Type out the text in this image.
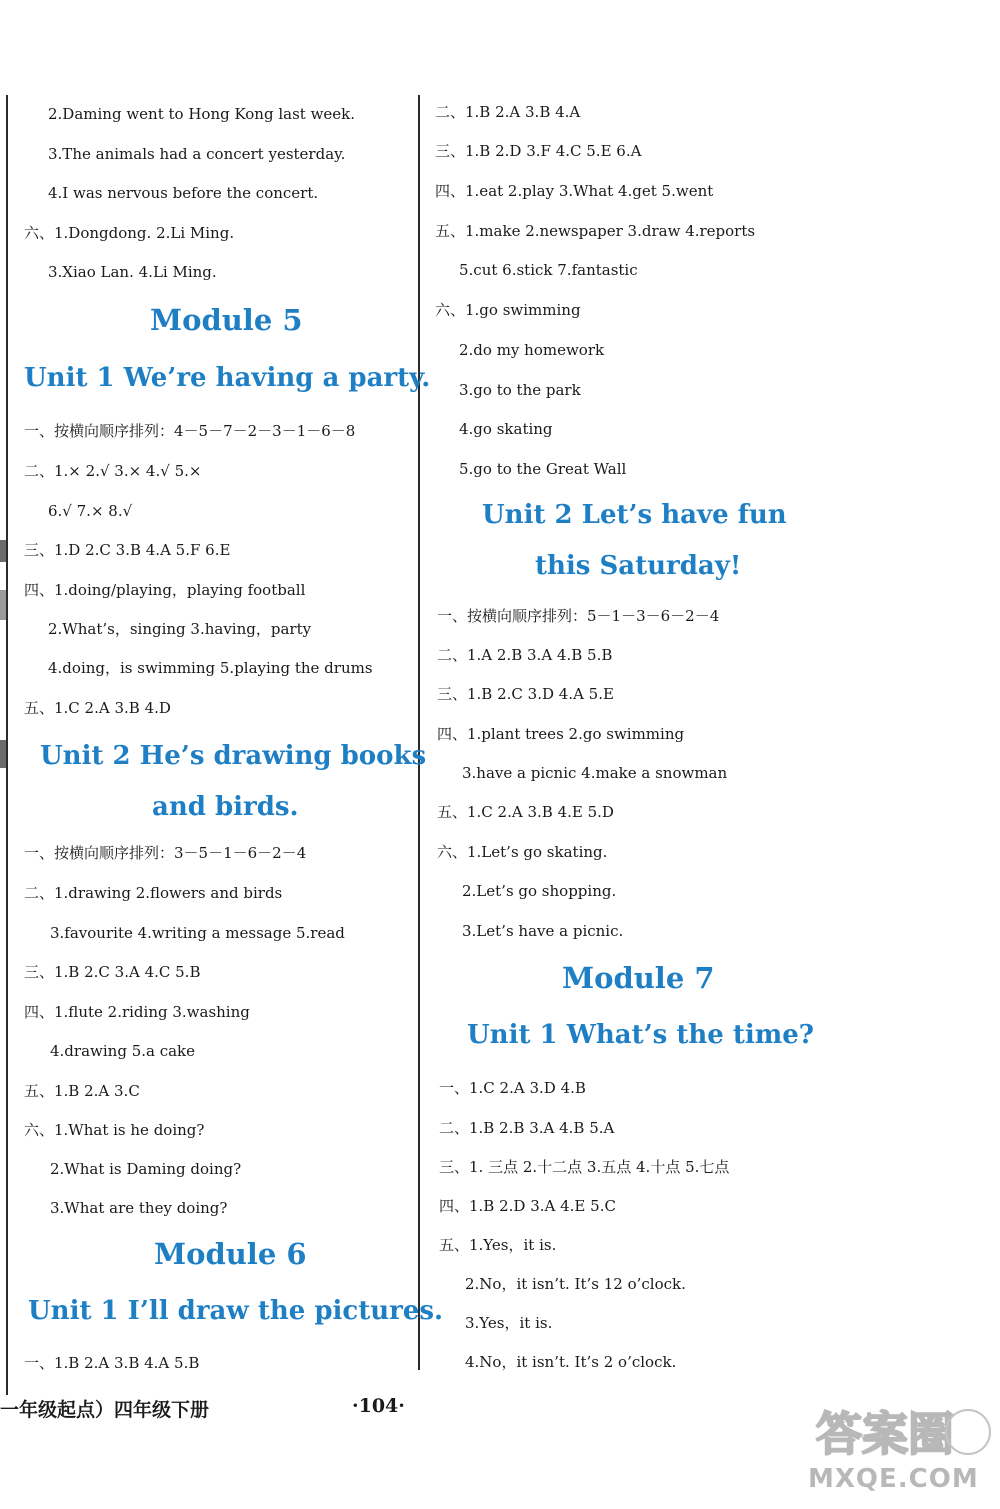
2.Daming went to Hong Kong last week.
3.The animals had a concert yesterday.
4.I was nervous before the concert.
六、1.Dongdong. 2.Li Ming.
3.Xiao Lan. 4.Li Ming.
Module 5
Unit 1 We’re having a party.
一、按横向顺序排列：4－5－7－2－3－1－6－8
二、1.× 2.√ 3.× 4.√ 5.×
6.√ 7.× 8.√
三、1.D 2.C 3.B 4.A 5.F 6.E
四、1.doing/playing，playing football
2.What’s，singing 3.having，party
4.doing，is swimming 5.playing the drums
五、1.C 2.A 3.B 4.D
Unit 2 He’s drawing books
and birds.
一、按横向顺序排列：3－5－1－6－2－4
二、1.drawing 2.flowers and birds
3.favourite 4.writing a message 5.read
三、1.B 2.C 3.A 4.C 5.B
四、1.flute 2.riding 3.washing
4.drawing 5.a cake
五、1.B 2.A 3.C
六、1.What is he doing?
2.What is Daming doing?
3.What are they doing?
Module 6
Unit 1 I’ll draw the pictures.
一、1.B 2.A 3.B 4.A 5.B
二、1.B 2.A 3.B 4.A
三、1.B 2.D 3.F 4.C 5.E 6.A
四、1.eat 2.play 3.What 4.get 5.went
五、1.make 2.newspaper 3.draw 4.reports
5.cut 6.stick 7.fantastic
六、1.go swimming
2.do my homework
3.go to the park
4.go skating
5.go to the Great Wall
Unit 2 Let’s have fun
this Saturday!
一、按横向顺序排列：5－1－3－6－2－4
二、1.A 2.B 3.A 4.B 5.B
三、1.B 2.C 3.D 4.A 5.E
四、1.plant trees 2.go swimming
3.have a picnic 4.make a snowman
五、1.C 2.A 3.B 4.E 5.D
六、1.Let’s go skating.
2.Let’s go shopping.
3.Let’s have a picnic.
Module 7
Unit 1 What’s the time?
一、1.C 2.A 3.D 4.B
二、1.B 2.B 3.A 4.B 5.A
三、1. 三点 2.十二点 3.五点 4.十点 5.七点
四、1.B 2.D 3.A 4.E 5.C
五、1.Yes，it is.
2.No，it isn’t. It’s 12 o’clock.
3.Yes，it is.
4.No，it isn’t. It’s 2 o’clock.
一年级起点）四年级下册	·104·
答案圈
MXQE.COM
